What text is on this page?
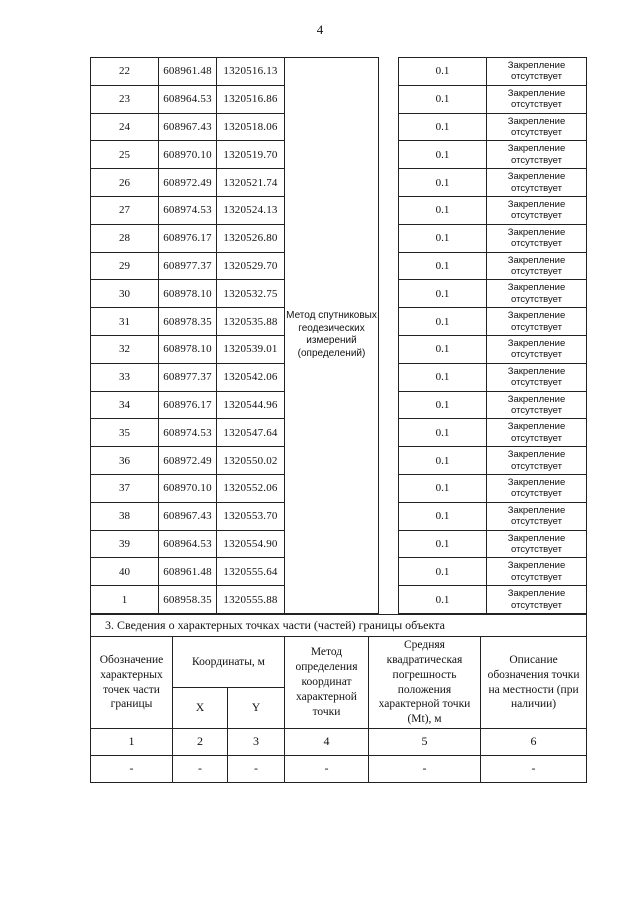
4
22	608961.48	1320516.13	Метод спутниковых геодезических измерений (определений)		0.1	Закрепление отсутствует
23	608964.53	1320516.86			0.1	Закрепление отсутствует
24	608967.43	1320518.06			0.1	Закрепление отсутствует
25	608970.10	1320519.70			0.1	Закрепление отсутствует
26	608972.49	1320521.74			0.1	Закрепление отсутствует
27	608974.53	1320524.13			0.1	Закрепление отсутствует
28	608976.17	1320526.80			0.1	Закрепление отсутствует
29	608977.37	1320529.70			0.1	Закрепление отсутствует
30	608978.10	1320532.75			0.1	Закрепление отсутствует
31	608978.35	1320535.88			0.1	Закрепление отсутствует
32	608978.10	1320539.01			0.1	Закрепление отсутствует
33	608977.37	1320542.06			0.1	Закрепление отсутствует
34	608976.17	1320544.96			0.1	Закрепление отсутствует
35	608974.53	1320547.64			0.1	Закрепление отсутствует
36	608972.49	1320550.02			0.1	Закрепление отсутствует
37	608970.10	1320552.06			0.1	Закрепление отсутствует
38	608967.43	1320553.70			0.1	Закрепление отсутствует
39	608964.53	1320554.90			0.1	Закрепление отсутствует
40	608961.48	1320555.64			0.1	Закрепление отсутствует
1	608958.35	1320555.88			0.1	Закрепление отсутствует
3. Сведения о характерных точках части (частей) границы объекта					
Обозначение характерных точек части границы	Координаты, м		Метод определения координат характерной точки	Средняя квадратическая погрешность положения характерной точки (Mt), м	Описание обозначения точки на местности (при наличии)
	X	Y			
1	2	3	4	5	6
-	-	-	-	-	-
